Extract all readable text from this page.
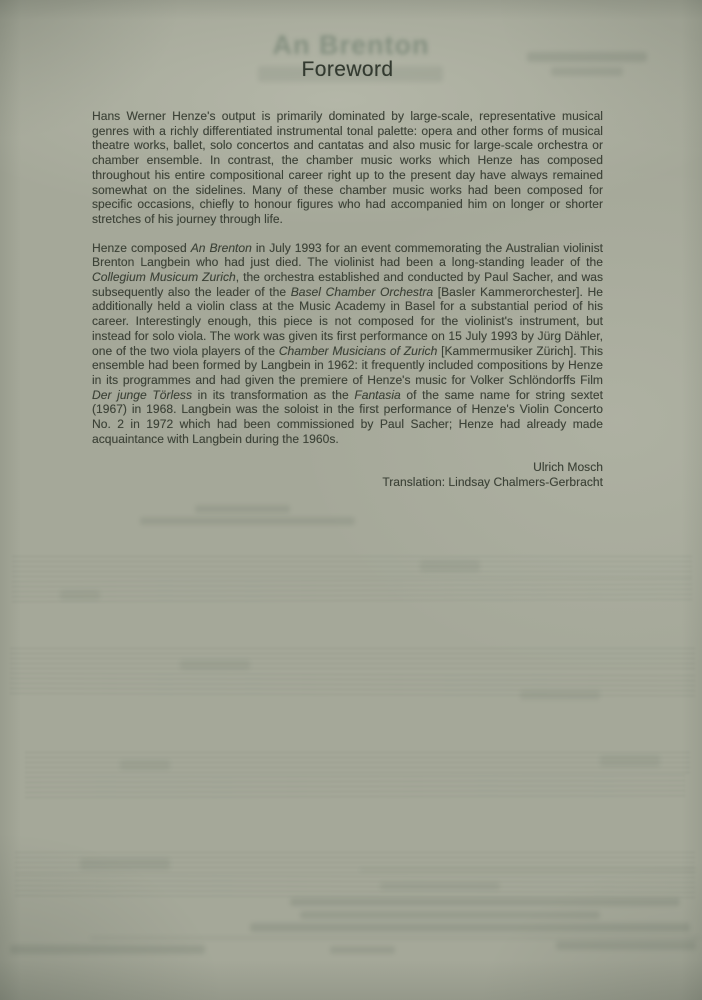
An Brenton
Foreword

Hans Werner Henze's output is primarily dominated by large-scale, representative musical genres with a richly differentiated instrumental tonal palette: opera and other forms of musical theatre works, ballet, solo concertos and cantatas and also music for large-scale orchestra or chamber ensemble. In contrast, the chamber music works which Henze has composed throughout his entire compositional career right up to the present day have always remained somewhat on the sidelines. Many of these chamber music works had been composed for specific occasions, chiefly to honour figures who had accompanied him on longer or shorter stretches of his journey through life.

Henze composed An Brenton in July 1993 for an event commemorating the Australian violinist Brenton Langbein who had just died. The violinist had been a long-standing leader of the Collegium Musicum Zurich, the orchestra established and conducted by Paul Sacher, and was subsequently also the leader of the Basel Chamber Orchestra [Basler Kammerorchester]. He additionally held a violin class at the Music Academy in Basel for a substantial period of his career. Interestingly enough, this piece is not composed for the violinist's instrument, but instead for solo viola. The work was given its first performance on 15 July 1993 by Jürg Dähler, one of the two viola players of the Chamber Musicians of Zurich [Kammermusiker Zürich]. This ensemble had been formed by Langbein in 1962: it frequently included compositions by Henze in its programmes and had given the premiere of Henze's music for Volker Schlöndorffs Film Der junge Törless in its transformation as the Fantasia of the same name for string sextet (1967) in 1968. Langbein was the soloist in the first performance of Henze's Violin Concerto No. 2 in 1972 which had been commissioned by Paul Sacher; Henze had already made acquaintance with Langbein during the 1960s.

Ulrich Mosch
Translation: Lindsay Chalmers-Gerbracht
